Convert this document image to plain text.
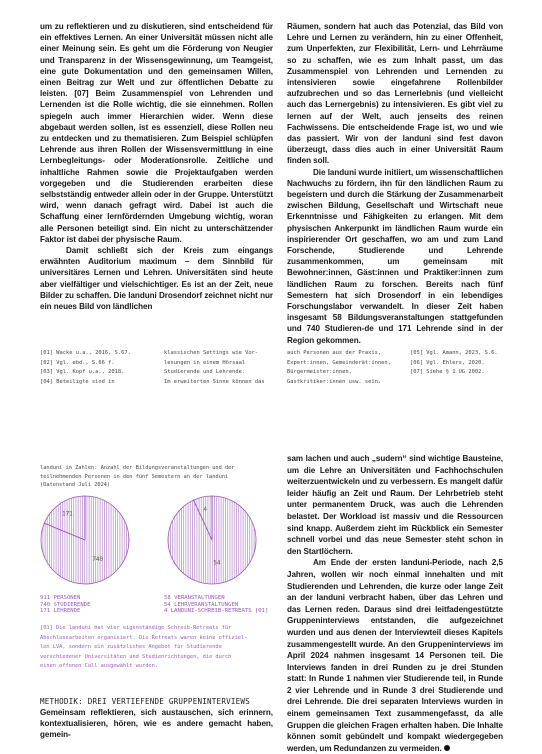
um zu reflektieren und zu diskutieren, sind entscheidend für ein effektives Lernen. An einer Universität müssen nicht alle einer Meinung sein. Es geht um die Förderung von Neugier und Transparenz in der Wissensgewinnung, um Teamgeist, eine gute Dokumentation und den gemeinsamen Willen, einen Beitrag zur Welt und zur öffentlichen Debatte zu leisten. [07] Beim Zusammenspiel von Lehrenden und Lernenden ist die Rolle wichtig, die sie einnehmen. Rollen spiegeln auch immer Hierarchien wider. Wenn diese abgebaut werden sollen, ist es essenziell, diese Rollen neu zu entdecken und zu thematisieren. Zum Beispiel schlüpfen Lehrende aus ihren Rollen der Wissensvermittlung in eine Lernbegleitungs- oder Moderationsrolle. Zeitliche und inhaltliche Rahmen sowie die Projektaufgaben werden vorgegeben und die Studierenden erarbeiten diese selbstständig entweder allein oder in der Gruppe. Unterstützt wird, wenn danach gefragt wird. Dabei ist auch die Schaffung einer lernfördernden Umgebung wichtig, woran alle Personen beteiligt sind. Ein nicht zu unterschätzender Faktor ist dabei der physische Raum.

Damit schließt sich der Kreis zum eingangs erwähnten Auditorium maximum – dem Sinnbild für universitäres Lernen und Lehren. Universitäten sind heute aber vielfältiger und vielschichtiger. Es ist an der Zeit, neue Bilder zu schaffen. Die landuni Drosendorf zeichnet nicht nur ein neues Bild von ländlichen

Räumen, sondern hat auch das Potenzial, das Bild von Lehre und Lernen zu verändern, hin zu einer Offenheit, zum Unperfekten, zur Flexibilität, Lern- und Lehrräume so zu schaffen, wie es zum Inhalt passt, um das Zusammenspiel von Lehrenden und Lernenden zu intensivieren sowie eingefahrene Rollenbilder aufzubrechen und so das Lernerlebnis (und vielleicht auch das Lernergebnis) zu intensivieren. Es gibt viel zu lernen auf der Welt, auch jenseits des reinen Fachwissens. Die entscheidende Frage ist, wo und wie das passiert. Wir von der landuni sind fest davon überzeugt, dass dies auch in einer Universität Raum finden soll.

Die landuni wurde initiiert, um wissenschaftlichen Nachwuchs zu fördern, ihn für den ländlichen Raum zu begeistern und durch die Stärkung der Zusammenarbeit zwischen Bildung, Gesellschaft und Wirtschaft neue Erkenntnisse und Fähigkeiten zu erlangen. Mit dem physischen Ankerpunkt im ländlichen Raum wurde ein inspirierender Ort geschaffen, wo am und zum Land Forschende, Studierende und Lehrende zusammenkommen, um gemeinsam mit Bewohner:innen, Gäst:innen und Praktiker:innen zum ländlichen Raum zu forschen. Bereits nach fünf Semestern hat sich Drosendorf in ein lebendiges Forschungslabor verwandelt. In dieser Zeit haben insgesamt 58 Bildungsveranstaltungen stattgefunden und 740 Studieren-de und 171 Lehrende sind in der Region gekommen.

[01] Wacke u.a., 2016, S.67.
[02] Vgl. ebd., S.66 f.
[03] Vgl. Kopf u.a., 2018.
[04] Beteiligte sind in
klassischen Settings wie Vor-
lesungen in einem Hörsaal
Studierende und Lehrende.
Im erweiterten Sinne können das
auch Personen aus der Praxis,
Expert:innen, Gemeinderät:innen,
Bürgermeister:innen,
Gastkritiker:innen usw. sein.
[05] Vgl. Amann, 2023, S.6.
[06] Vgl. Ehlers, 2020.
[07] Siehe § 1 UG 2002.
landuni in Zahlen: Anzahl der Bildungsveranstaltungen und der
teilnehmenden Personen in den fünf Semestern an der landuni
(Datenstand Juli 2024)
740
171
54
4
911 PERSONEN
740 STUDIERENDE
171 LEHRENDE
58 VERANSTALTUNGEN
54 LEHRVERANSTALTUNGEN
4 LANDUNI-SCHREIB-RETREATS [01]
[01] Die landuni hat vier eigenständige Schreib-Retreats für
Abschlussarbeiten organisiert. Die Retreats waren keine offiziel-
len LVA, sondern ein zusätzliches Angebot für Studierende
verschiedener Universitäten und Studienrichtungen, die durch
einen offenen Call ausgewählt wurden.
METHODIK: DREI VERTIEFENDE GRUPPENINTERVIEWS

Gemeinsam reflektieren, sich austauschen, sich erinnern, kontextualisieren, hören, wie es andere gemacht haben, gemein-

sam lachen und auch „sudern“ sind wichtige Bausteine, um die Lehre an Universitäten und Fachhochschulen weiterzuentwickeln und zu verbessern. Es mangelt dafür leider häufig an Zeit und Raum. Der Lehrbetrieb steht unter permanentem Druck, was auch die Lehrenden belastet. Der Workload ist massiv und die Ressourcen sind knapp. Außerdem zieht im Rückblick ein Semester schnell vorbei und das neue Semester steht schon in den Startlöchern.

Am Ende der ersten landuni-Periode, nach 2,5 Jahren, wollen wir noch einmal innehalten und mit Studierenden und Lehrenden, die kurze oder lange Zeit an der landuni verbracht haben, über das Lehren und das Lernen reden. Daraus sind drei leitfadengestützte Gruppeninterviews entstanden, die aufgezeichnet wurden und aus denen der Interviewteil dieses Kapitels zusammengestellt wurde. An den Gruppeninterviews im April 2024 nahmen insgesamt 14 Personen teil. Die Interviews fanden in drei Runden zu je drei Stunden statt: In Runde 1 nahmen vier Studierende teil, in Runde 2 vier Lehrende und in Runde 3 drei Studierende und drei Lehrende. Die drei separaten Interviews wurden in einem gemeinsamen Text zusammengefasst, da alle Gruppen die gleichen Fragen erhalten haben. Die Inhalte können somit gebündelt und kompakt wiedergegeben werden, um Redundanzen zu vermeiden.
